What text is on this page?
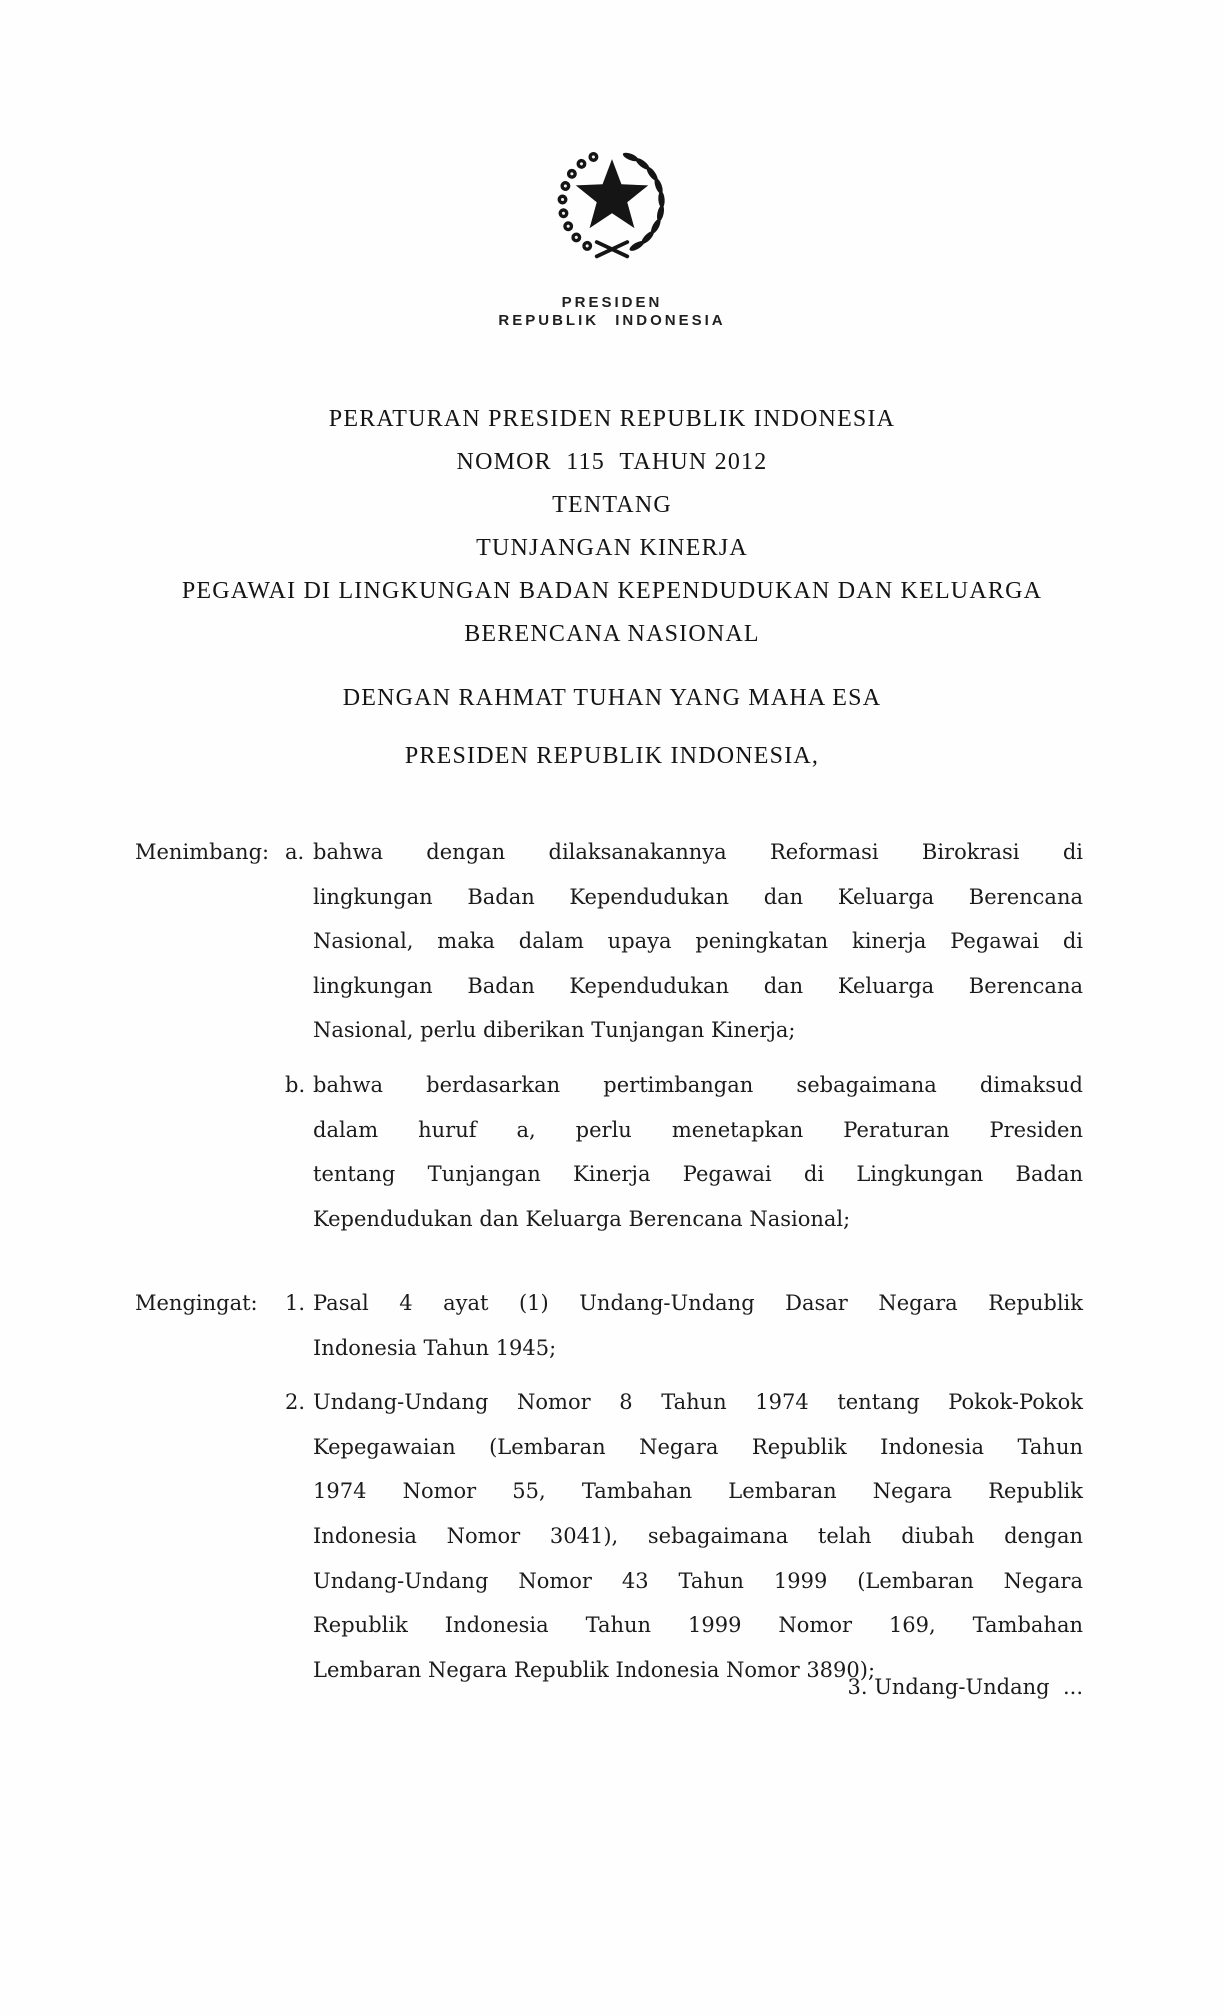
PRESIDEN
REPUBLIK INDONESIA
PERATURAN PRESIDEN REPUBLIK INDONESIA
NOMOR  115  TAHUN 2012
TENTANG
TUNJANGAN KINERJA
PEGAWAI DI LINGKUNGAN BADAN KEPENDUDUKAN DAN KELUARGA
BERENCANA NASIONAL
DENGAN RAHMAT TUHAN YANG MAHA ESA
PRESIDEN REPUBLIK INDONESIA,
Menimbang: a. bahwa dengan dilaksanakannya Reformasi Birokrasi di
lingkungan Badan Kependudukan dan Keluarga Berencana
Nasional, maka dalam upaya peningkatan kinerja Pegawai di
lingkungan Badan Kependudukan dan Keluarga Berencana
Nasional, perlu diberikan Tunjangan Kinerja;
b. bahwa berdasarkan pertimbangan sebagaimana dimaksud
dalam huruf a, perlu menetapkan Peraturan Presiden
tentang Tunjangan Kinerja Pegawai di Lingkungan Badan
Kependudukan dan Keluarga Berencana Nasional;
Mengingat:	1. Pasal 4 ayat (1) Undang-Undang Dasar Negara Republik
Indonesia Tahun 1945;
2. Undang-Undang Nomor 8 Tahun 1974 tentang Pokok-Pokok
Kepegawaian (Lembaran Negara Republik Indonesia Tahun
1974 Nomor 55, Tambahan Lembaran Negara Republik
Indonesia Nomor 3041), sebagaimana telah diubah dengan
Undang-Undang Nomor 43 Tahun 1999 (Lembaran Negara
Republik Indonesia Tahun 1999 Nomor 169, Tambahan
Lembaran Negara Republik Indonesia Nomor 3890);
3. Undang-Undang  ...
